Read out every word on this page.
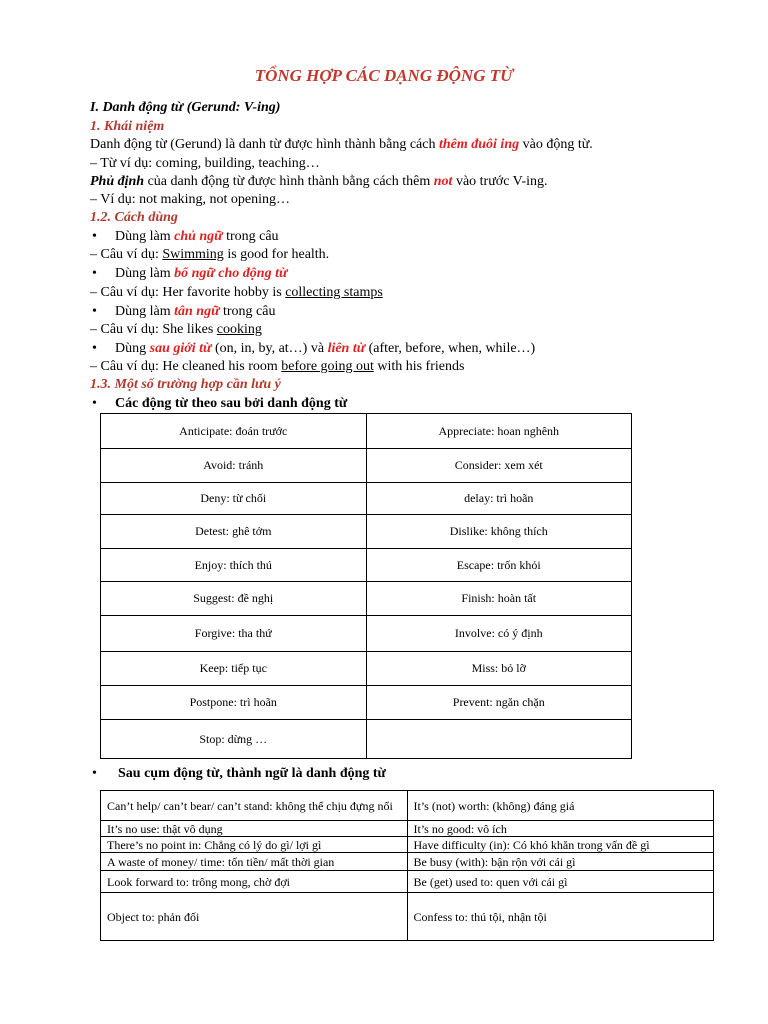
TỔNG HỢP CÁC DẠNG ĐỘNG TỪ
I. Danh động từ (Gerund: V-ing)
1. Khái niệm
Danh động từ (Gerund) là danh từ được hình thành bằng cách thêm đuôi ing vào động từ.
– Từ ví dụ: coming, building, teaching…
Phủ định của danh động từ được hình thành bằng cách thêm not vào trước V-ing.
– Ví dụ: not making, not opening…
1.2. Cách dùng
• Dùng làm chủ ngữ trong câu
– Câu ví dụ: Swimming is good for health.
• Dùng làm bổ ngữ cho động từ
– Câu ví dụ: Her favorite hobby is collecting stamps
• Dùng làm tân ngữ trong câu
– Câu ví dụ: She likes cooking
• Dùng sau giới từ (on, in, by, at…) và liên từ (after, before, when, while…)
– Câu ví dụ: He cleaned his room before going out with his friends
1.3. Một số trường hợp cần lưu ý
• Các động từ theo sau bởi danh động từ
Anticipate: đoán trước	Appreciate: hoan nghênh
Avoid: tránh	Consider: xem xét
Deny: từ chối	delay: trì hoãn
Detest: ghê tởm	Dislike: không thích
Enjoy: thích thú	Escape: trốn khỏi
Suggest: đề nghị	Finish: hoàn tất
Forgive: tha thứ	Involve: có ý định
Keep: tiếp tục	Miss: bỏ lỡ
Postpone: trì hoãn	Prevent: ngăn chặn
Stop: dừng …	
• Sau cụm động từ, thành ngữ là danh động từ
Can’t help/ can’t bear/ can’t stand: không thể chịu đựng nổi	It’s (not) worth: (không) đáng giá
It’s no use: thật vô dụng	It’s no good: vô ích
There’s no point in: Chẳng có lý do gì/ lợi gì	Have difficulty (in): Có khó khăn trong vấn đề gì
A waste of money/ time: tốn tiền/ mất thời gian	Be busy (with): bận rộn với cái gì
Look forward to: trông mong, chờ đợi	Be (get) used to: quen với cái gì
Object to: phản đối	Confess to: thú tội, nhận tội
